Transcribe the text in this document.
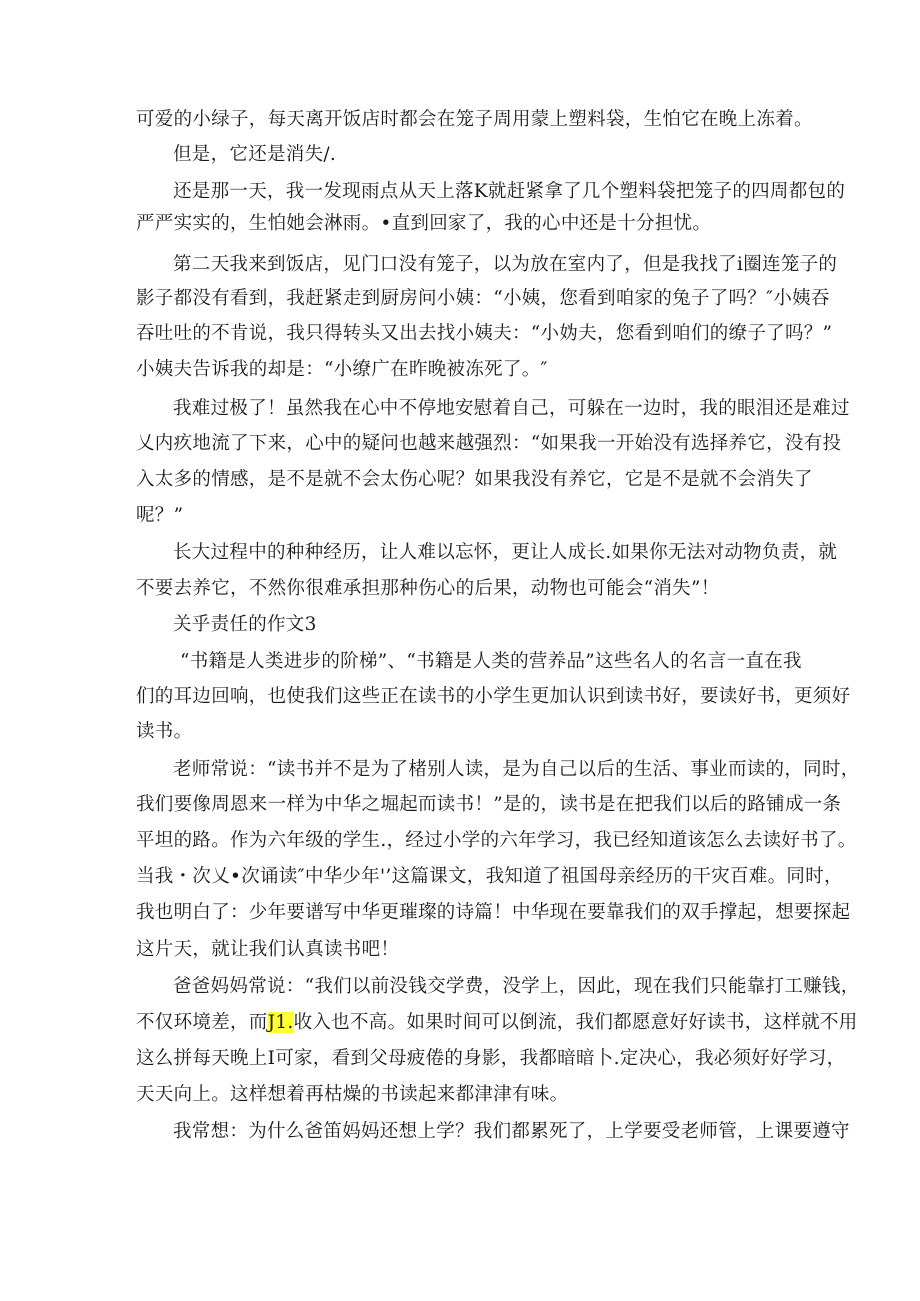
可爱的小绿子，每天离开饭店时都会在笼子周用蒙上塑料袋，生怕它在晚上冻着。
但是，它还是消失/.
还是那一天，我一发现雨点从天上落K就赶紧拿了几个塑料袋把笼子的四周都包的
严严实实的，生怕她会淋雨。•直到回家了，我的心中还是十分担忧。
第二天我来到饭店，见门口没有笼子，以为放在室内了，但是我找了i圈连笼子的
影子都没有看到，我赶紧走到厨房问小姨：“小姨，您看到咱家的兔子了吗？″小姨吞
吞吐吐的不肯说，我只得转头又出去找小姨夫：“小妫夫，您看到咱们的缭子了吗？”
小姨夫告诉我的却是：“小缭广在昨晚被冻死了。″
我难过极了！虽然我在心中不停地安慰着自己，可躲在一边时，我的眼泪还是难过
乂内疚地流了下来，心中的疑问也越来越强烈：“如果我一开始没有选择养它，没有投
入太多的情感，是不是就不会太伤心呢？如果我没有养它，它是不是就不会消失了
呢？”
长大过程中的种种经历，让人难以忘怀，更让人成长.如果你无法对动物负责，就
不要去养它，不然你很难承担那种伤心的后果，动物也可能会“消失”！
关乎责任的作文3
“书籍是人类进步的阶梯”、“书籍是人类的营养品”这些名人的名言一直在我
们的耳边回响，也使我们这些正在读书的小学生更加认识到读书好，要读好书，更须好
读书。
老师常说：“读书并不是为了楮别人读，是为自己以后的生活、事业而读的，同时，
我们要像周恩来一样为中华之堀起而读书！”是的，读书是在把我们以后的路铺成一条
平坦的路。作为六年级的学生.，经过小学的六年学习，我已经知道该怎么去读好书了。
当我・次乂•次诵读″中华少年'’这篇课文，我知道了祖国母亲经历的干灾百难。同时，
我也明白了：少年要谱写中华更璀璨的诗篇！中华现在要靠我们的双手撑起，想要探起
这片天，就让我们认真读书吧！
爸爸妈妈常说：“我们以前没钱交学费，没学上，因此，现在我们只能靠打工赚钱，
不仅环境差，而J1.收入也不高。如果时间可以倒流，我们都愿意好好读书，这样就不用
这么拼每天晚上I可家，看到父母疲倦的身影，我都暗暗卜.定决心，我必须好好学习，
天天向上。这样想着再枯燥的书读起来都津津有味。
我常想：为什么爸笛妈妈还想上学？我们都累死了，上学要受老师管，上课要遵守
